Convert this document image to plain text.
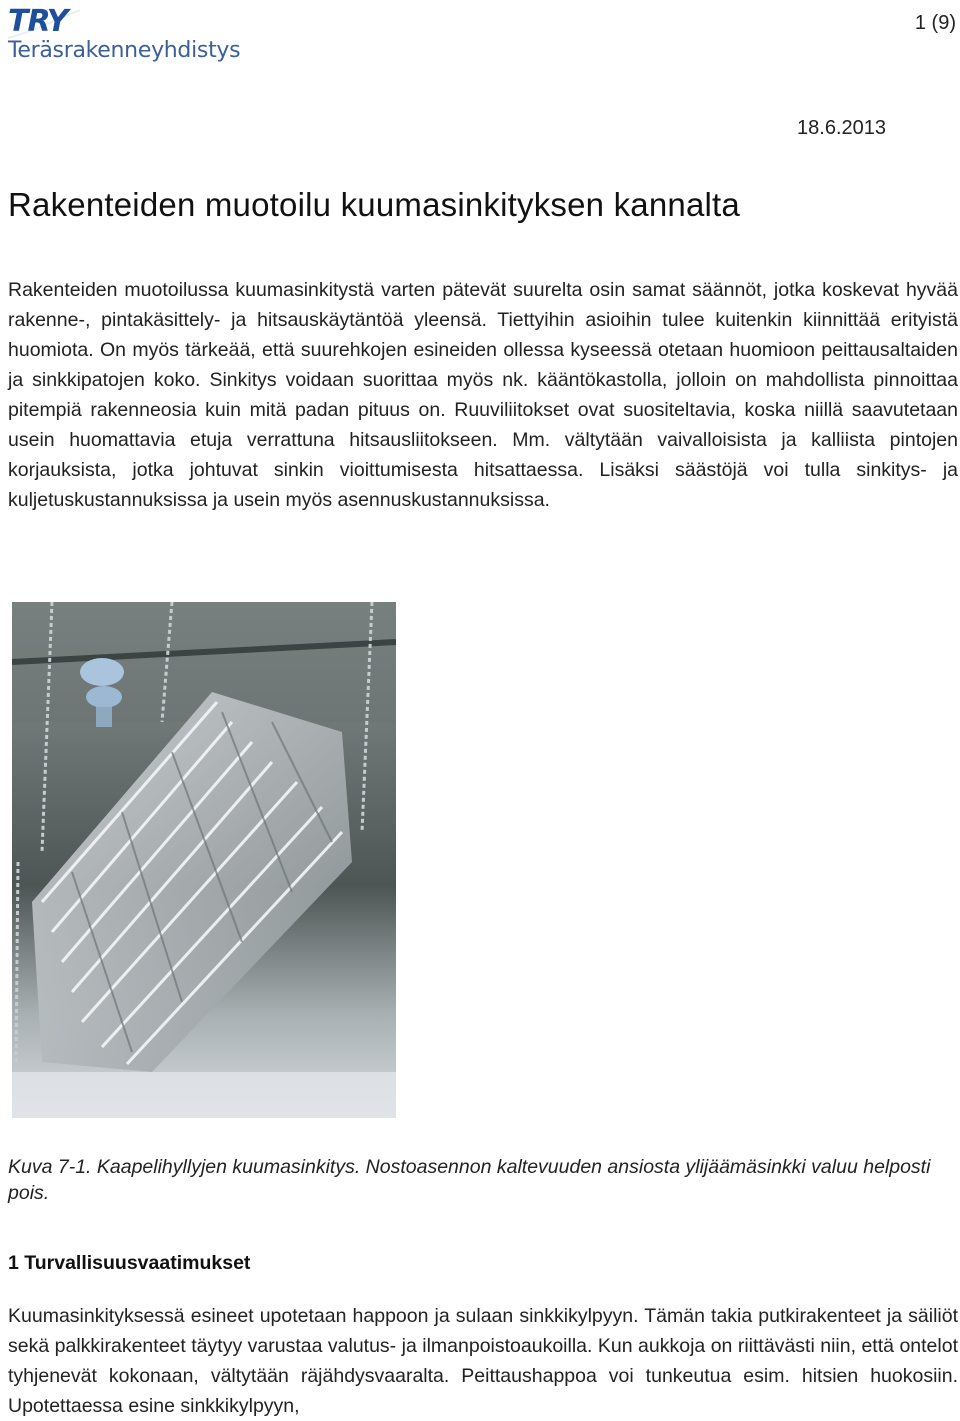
TRY
Teräsrakenneyhdistys
1 (9)
18.6.2013
Rakenteiden muotoilu kuumasinkityksen kannalta

Rakenteiden muotoilussa kuumasinkitystä varten pätevät suurelta osin samat säännöt, jotka koskevat hyvää rakenne-, pintakäsittely- ja hitsauskäytäntöä yleensä. Tiettyihin asioihin tulee kuitenkin kiinnittää erityistä huomiota. On myös tärkeää, että suurehkojen esineiden ollessa kyseessä otetaan huomioon peittausaltaiden ja sinkkipatojen koko. Sinkitys voidaan suorittaa myös nk. kääntökastolla, jolloin on mahdollista pinnoittaa pitempiä rakenneosia kuin mitä padan pituus on. Ruuviliitokset ovat suositeltavia, koska niillä saavutetaan usein huomattavia etuja verrattuna hitsausliitokseen. Mm. vältytään vaivalloisista ja kalliista pintojen korjauksista, jotka johtuvat sinkin vioittumisesta hitsattaessa. Lisäksi säästöjä voi tulla sinkitys- ja kuljetuskustannuksissa ja usein myös asennuskustannuksissa.

Kuva 7-1. Kaapelihyllyjen kuumasinkitys. Nostoasennon kaltevuuden ansiosta ylijäämäsinkki valuu helposti pois.

1 Turvallisuusvaatimukset

Kuumasinkityksessä esineet upotetaan happoon ja sulaan sinkkikylpyyn. Tämän takia putkirakenteet ja säiliöt sekä palkkirakenteet täytyy varustaa valutus- ja ilmanpoistoaukoilla. Kun aukkoja on riittävästi niin, että ontelot tyhjenevät kokonaan, vältytään räjähdysvaaralta. Peittaushappoa voi tunkeutua esim. hitsien huokosiin. Upotettaessa esine sinkkikylpyyn,
